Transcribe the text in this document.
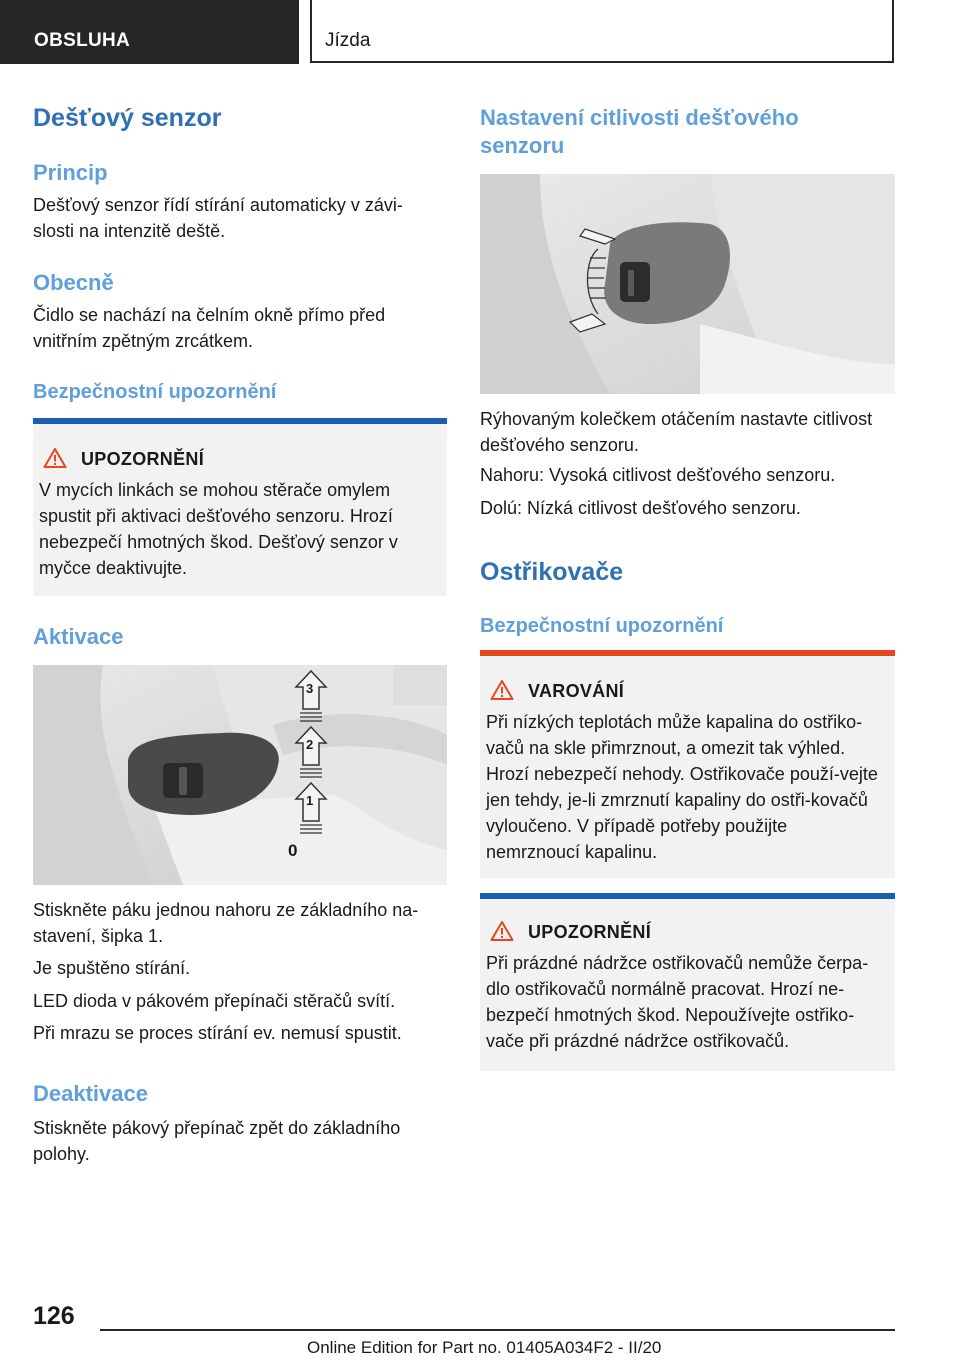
OBSLUHA	Jízda
Dešťový senzor
Princip

Dešťový senzor řídí stírání automaticky v závi-slosti na intenzitě deště.

Obecně

Čidlo se nachází na čelním okně přímo před vnitřním zpětným zrcátkem.

Bezpečnostní upozornění
UPOZORNĚNÍ
V mycích linkách se mohou stěrače omylem spustit při aktivaci dešťového senzoru. Hrozí nebezpečí hmotných škod. Dešťový senzor v myčce deaktivujte.
Aktivace
3
2
1
0

Stiskněte páku jednou nahoru ze základního na-stavení, šipka 1.

Je spuštěno stírání.

LED dioda v pákovém přepínači stěračů svítí.

Při mrazu se proces stírání ev. nemusí spustit.

Deaktivace

Stiskněte pákový přepínač zpět do základního polohy.

Nastavení citlivosti dešťového senzoru

Rýhovaným kolečkem otáčením nastavte citlivost dešťového senzoru.

Nahoru: Vysoká citlivost dešťového senzoru.

Dolú: Nízká citlivost dešťového senzoru.

Ostřikovače
Bezpečnostní upozornění
VAROVÁNÍ
Při nízkých teplotách může kapalina do ostřiko-vačů na skle přimrznout, a omezit tak výhled. Hrozí nebezpečí nehody. Ostřikovače použí-vejte jen tehdy, je-li zmrznutí kapaliny do ostři-kovačů vyloučeno. V případě potřeby použijte nemrznoucí kapalinu.
UPOZORNĚNÍ
Při prázdné nádržce ostřikovačů nemůže čerpa-dlo ostřikovačů normálně pracovat. Hrozí ne-bezpečí hmotných škod. Nepoužívejte ostřiko-vače při prázdné nádržce ostřikovačů.
126
Online Edition for Part no. 01405A034F2 - II/20
